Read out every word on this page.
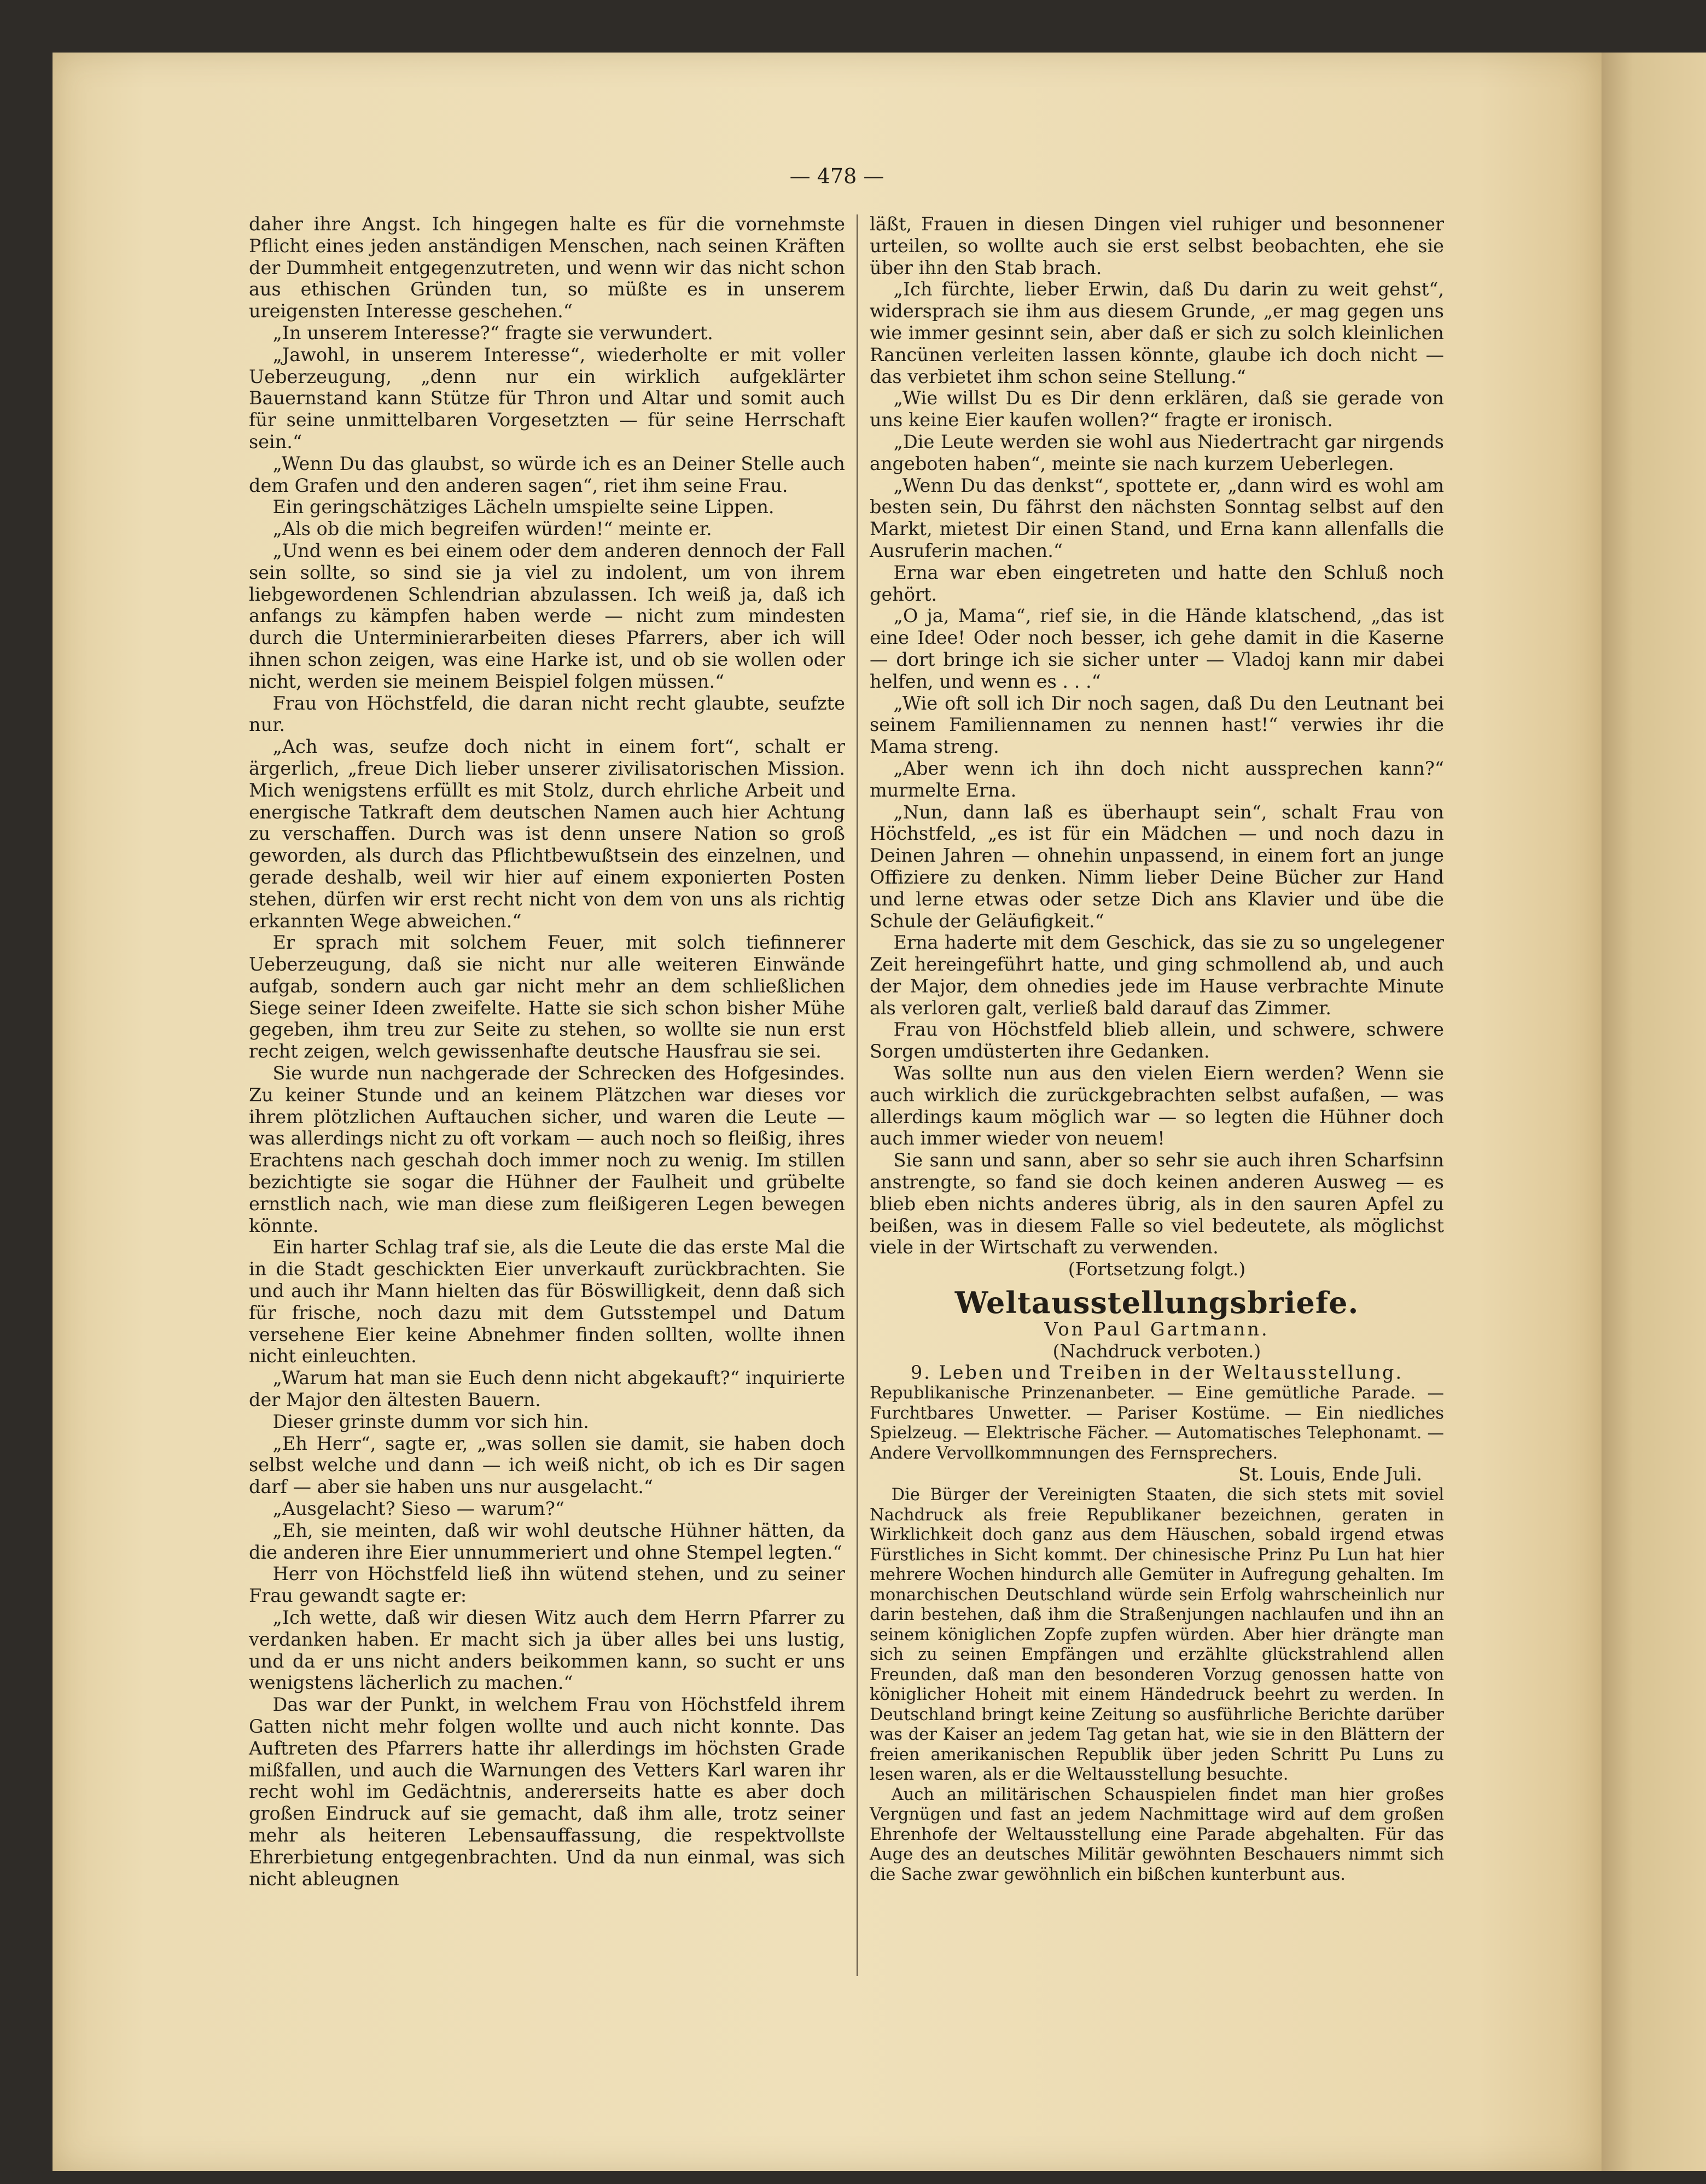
— 478 —

daher ihre Angst. Ich hingegen halte es für die vornehmste Pflicht eines jeden anständigen Menschen, nach seinen Kräften der Dummheit entgegenzutreten, und wenn wir das nicht schon aus ethischen Gründen tun, so müßte es in unserem ureigensten Interesse geschehen.“

„In unserem Interesse?“ fragte sie verwundert.

„Jawohl, in unserem Interesse“, wiederholte er mit voller Ueberzeugung, „denn nur ein wirklich aufgeklärter Bauernstand kann Stütze für Thron und Altar und somit auch für seine unmittelbaren Vorgesetzten — für seine Herrschaft sein.“

„Wenn Du das glaubst, so würde ich es an Deiner Stelle auch dem Grafen und den anderen sagen“, riet ihm seine Frau.

Ein geringschätziges Lächeln umspielte seine Lippen.

„Als ob die mich begreifen würden!“ meinte er.

„Und wenn es bei einem oder dem anderen dennoch der Fall sein sollte, so sind sie ja viel zu indolent, um von ihrem liebgewordenen Schlendrian abzulassen. Ich weiß ja, daß ich anfangs zu kämpfen haben werde — nicht zum mindesten durch die Unterminierarbeiten dieses Pfarrers, aber ich will ihnen schon zeigen, was eine Harke ist, und ob sie wollen oder nicht, werden sie meinem Beispiel folgen müssen.“

Frau von Höchstfeld, die daran nicht recht glaubte, seufzte nur.

„Ach was, seufze doch nicht in einem fort“, schalt er ärgerlich, „freue Dich lieber unserer zivilisatorischen Mission. Mich wenigstens erfüllt es mit Stolz, durch ehrliche Arbeit und energische Tatkraft dem deutschen Namen auch hier Achtung zu verschaffen. Durch was ist denn unsere Nation so groß geworden, als durch das Pflichtbewußtsein des einzelnen, und gerade deshalb, weil wir hier auf einem exponierten Posten stehen, dürfen wir erst recht nicht von dem von uns als richtig erkannten Wege abweichen.“

Er sprach mit solchem Feuer, mit solch tiefinnerer Ueberzeugung, daß sie nicht nur alle weiteren Einwände aufgab, sondern auch gar nicht mehr an dem schließlichen Siege seiner Ideen zweifelte. Hatte sie sich schon bisher Mühe gegeben, ihm treu zur Seite zu stehen, so wollte sie nun erst recht zeigen, welch gewissenhafte deutsche Hausfrau sie sei.

Sie wurde nun nachgerade der Schrecken des Hofgesindes. Zu keiner Stunde und an keinem Plätzchen war dieses vor ihrem plötzlichen Auftauchen sicher, und waren die Leute — was allerdings nicht zu oft vorkam — auch noch so fleißig, ihres Erachtens nach geschah doch immer noch zu wenig. Im stillen bezichtigte sie sogar die Hühner der Faulheit und grübelte ernstlich nach, wie man diese zum fleißigeren Legen bewegen könnte.

Ein harter Schlag traf sie, als die Leute die das erste Mal die in die Stadt geschickten Eier unverkauft zurückbrachten. Sie und auch ihr Mann hielten das für Böswilligkeit, denn daß sich für frische, noch dazu mit dem Gutsstempel und Datum versehene Eier keine Abnehmer finden sollten, wollte ihnen nicht einleuchten.

„Warum hat man sie Euch denn nicht abgekauft?“ inquirierte der Major den ältesten Bauern.

Dieser grinste dumm vor sich hin.

„Eh Herr“, sagte er, „was sollen sie damit, sie haben doch selbst welche und dann — ich weiß nicht, ob ich es Dir sagen darf — aber sie haben uns nur ausgelacht.“

„Ausgelacht? Sieso — warum?“

„Eh, sie meinten, daß wir wohl deutsche Hühner hätten, da die anderen ihre Eier unnummeriert und ohne Stempel legten.“

Herr von Höchstfeld ließ ihn wütend stehen, und zu seiner Frau gewandt sagte er:

„Ich wette, daß wir diesen Witz auch dem Herrn Pfarrer zu verdanken haben. Er macht sich ja über alles bei uns lustig, und da er uns nicht anders beikommen kann, so sucht er uns wenigstens lächerlich zu machen.“

Das war der Punkt, in welchem Frau von Höchstfeld ihrem Gatten nicht mehr folgen wollte und auch nicht konnte. Das Auftreten des Pfarrers hatte ihr allerdings im höchsten Grade mißfallen, und auch die Warnungen des Vetters Karl waren ihr recht wohl im Gedächtnis, andererseits hatte es aber doch großen Eindruck auf sie gemacht, daß ihm alle, trotz seiner mehr als heiteren Lebensauffassung, die respektvollste Ehrerbietung entgegenbrachten. Und da nun einmal, was sich nicht ableugnen

läßt, Frauen in diesen Dingen viel ruhiger und besonnener urteilen, so wollte auch sie erst selbst beobachten, ehe sie über ihn den Stab brach.

„Ich fürchte, lieber Erwin, daß Du darin zu weit gehst“, widersprach sie ihm aus diesem Grunde, „er mag gegen uns wie immer gesinnt sein, aber daß er sich zu solch kleinlichen Rancünen verleiten lassen könnte, glaube ich doch nicht — das verbietet ihm schon seine Stellung.“

„Wie willst Du es Dir denn erklären, daß sie gerade von uns keine Eier kaufen wollen?“ fragte er ironisch.

„Die Leute werden sie wohl aus Niedertracht gar nirgends angeboten haben“, meinte sie nach kurzem Ueberlegen.

„Wenn Du das denkst“, spottete er, „dann wird es wohl am besten sein, Du fährst den nächsten Sonntag selbst auf den Markt, mietest Dir einen Stand, und Erna kann allenfalls die Ausruferin machen.“

Erna war eben eingetreten und hatte den Schluß noch gehört.

„O ja, Mama“, rief sie, in die Hände klatschend, „das ist eine Idee! Oder noch besser, ich gehe damit in die Kaserne — dort bringe ich sie sicher unter — Vladoj kann mir dabei helfen, und wenn es . . .“

„Wie oft soll ich Dir noch sagen, daß Du den Leutnant bei seinem Familiennamen zu nennen hast!“ verwies ihr die Mama streng.

„Aber wenn ich ihn doch nicht aussprechen kann?“ murmelte Erna.

„Nun, dann laß es überhaupt sein“, schalt Frau von Höchstfeld, „es ist für ein Mädchen — und noch dazu in Deinen Jahren — ohnehin unpassend, in einem fort an junge Offiziere zu denken. Nimm lieber Deine Bücher zur Hand und lerne etwas oder setze Dich ans Klavier und übe die Schule der Geläufigkeit.“

Erna haderte mit dem Geschick, das sie zu so ungelegener Zeit hereingeführt hatte, und ging schmollend ab, und auch der Major, dem ohnedies jede im Hause verbrachte Minute als verloren galt, verließ bald darauf das Zimmer.

Frau von Höchstfeld blieb allein, und schwere, schwere Sorgen umdüsterten ihre Gedanken.

Was sollte nun aus den vielen Eiern werden? Wenn sie auch wirklich die zurückgebrachten selbst aufaßen, — was allerdings kaum möglich war — so legten die Hühner doch auch immer wieder von neuem!

Sie sann und sann, aber so sehr sie auch ihren Scharfsinn anstrengte, so fand sie doch keinen anderen Ausweg — es blieb eben nichts anderes übrig, als in den sauren Apfel zu beißen, was in diesem Falle so viel bedeutete, als möglichst viele in der Wirtschaft zu verwenden.

(Fortsetzung folgt.)

Weltausstellungsbriefe.

Von Paul Gartmann.

(Nachdruck verboten.)

9. Leben und Treiben in der Weltausstellung.

Republikanische Prinzenanbeter. — Eine gemütliche Parade. — Furchtbares Unwetter. — Pariser Kostüme. — Ein niedliches Spielzeug. — Elektrische Fächer. — Automatisches Telephonamt. — Andere Vervollkommnungen des Fernsprechers.

St. Louis, Ende Juli.

Die Bürger der Vereinigten Staaten, die sich stets mit soviel Nachdruck als freie Republikaner bezeichnen, geraten in Wirklichkeit doch ganz aus dem Häuschen, sobald irgend etwas Fürstliches in Sicht kommt. Der chinesische Prinz Pu Lun hat hier mehrere Wochen hindurch alle Gemüter in Aufregung gehalten. Im monarchischen Deutschland würde sein Erfolg wahrscheinlich nur darin bestehen, daß ihm die Straßenjungen nachlaufen und ihn an seinem königlichen Zopfe zupfen würden. Aber hier drängte man sich zu seinen Empfängen und erzählte glückstrahlend allen Freunden, daß man den besonderen Vorzug genossen hatte von königlicher Hoheit mit einem Händedruck beehrt zu werden. In Deutschland bringt keine Zeitung so ausführliche Berichte darüber was der Kaiser an jedem Tag getan hat, wie sie in den Blättern der freien amerikanischen Republik über jeden Schritt Pu Luns zu lesen waren, als er die Weltausstellung besuchte.

Auch an militärischen Schauspielen findet man hier großes Vergnügen und fast an jedem Nachmittage wird auf dem großen Ehrenhofe der Weltausstellung eine Parade abgehalten. Für das Auge des an deutsches Militär gewöhnten Beschauers nimmt sich die Sache zwar gewöhnlich ein bißchen kunterbunt aus.
